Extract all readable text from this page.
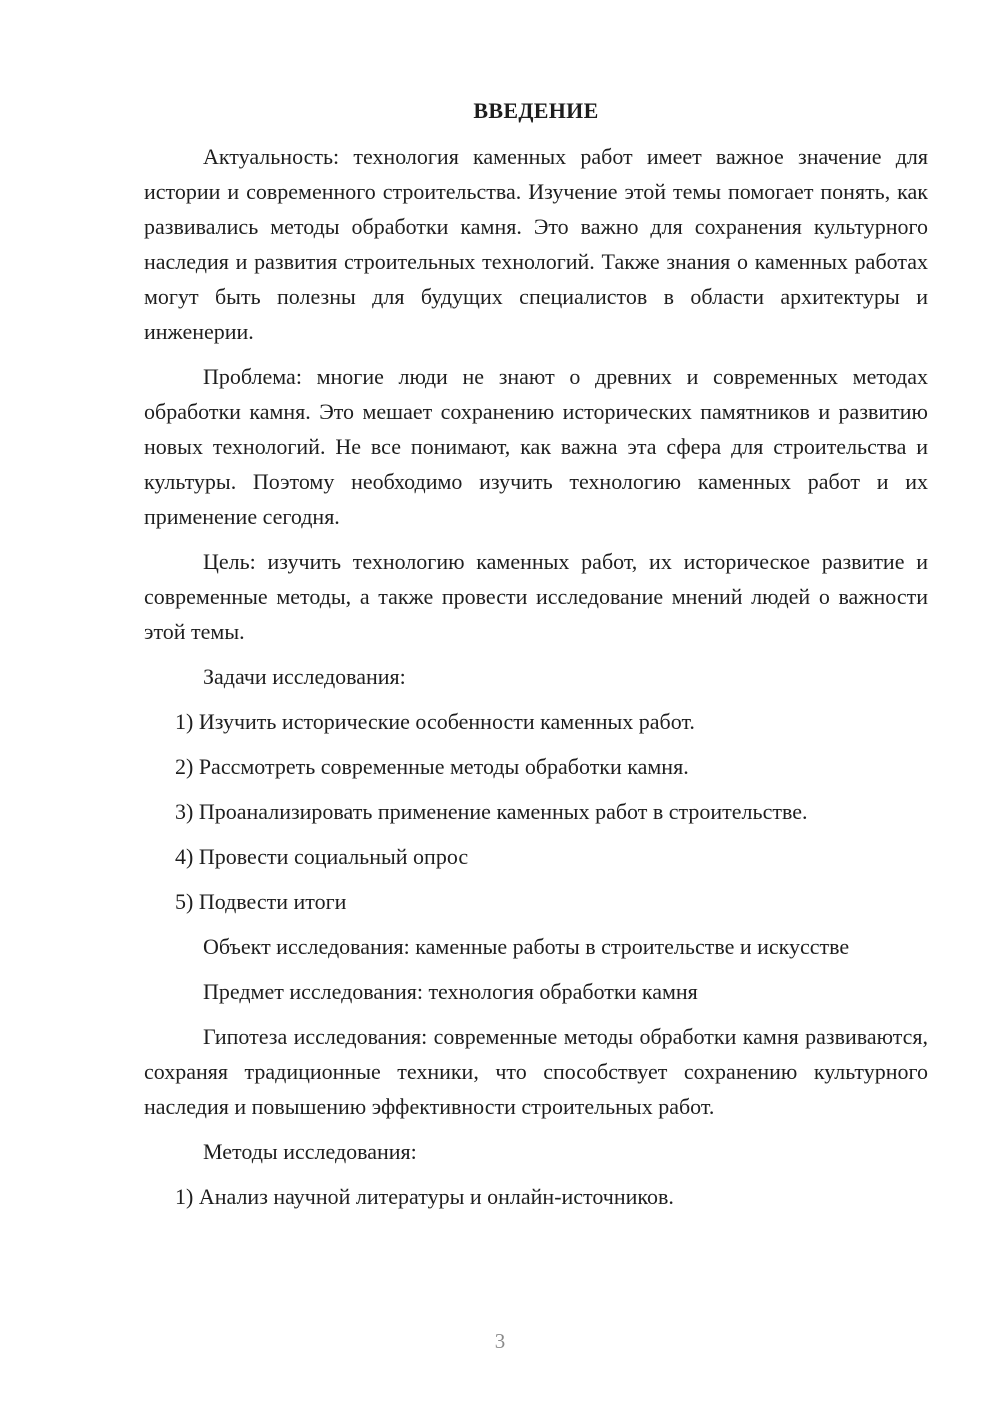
ВВЕДЕНИЕ

Актуальность: технология каменных работ имеет важное значение для истории и современного строительства. Изучение этой темы помогает понять, как развивались методы обработки камня. Это важно для сохранения культурного наследия и развития строительных технологий. Также знания о каменных работах могут быть полезны для будущих специалистов в области архитектуры и инженерии.

Проблема: многие люди не знают о древних и современных методах обработки камня. Это мешает сохранению исторических памятников и развитию новых технологий. Не все понимают, как важна эта сфера для строительства и культуры. Поэтому необходимо изучить технологию каменных работ и их применение сегодня.

Цель: изучить технологию каменных работ, их историческое развитие и современные методы, а также провести исследование мнений людей о важности этой темы.

Задачи исследования:

1) Изучить исторические особенности каменных работ.
2) Рассмотреть современные методы обработки камня.
3) Проанализировать применение каменных работ в строительстве.
4) Провести социальный опрос
5) Подвести итоги

Объект исследования: каменные работы в строительстве и искусстве

Предмет исследования: технология обработки камня

Гипотеза исследования: современные методы обработки камня развиваются, сохраняя традиционные техники, что способствует сохранению культурного наследия и повышению эффективности строительных работ.

Методы исследования:

1) Анализ научной литературы и онлайн-источников.
3
